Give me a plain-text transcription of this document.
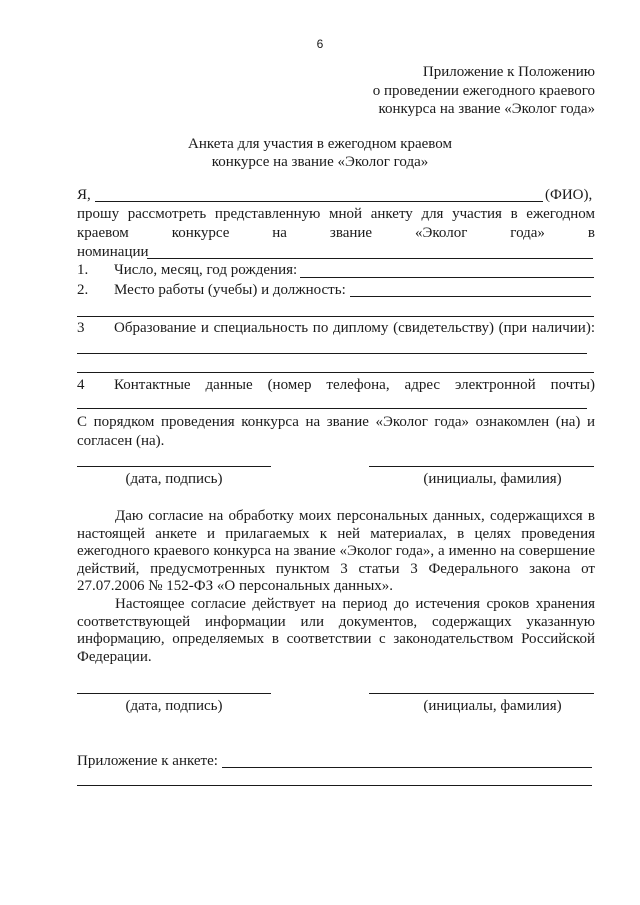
6
Приложение к Положению
о проведении ежегодного краевого
конкурса на звание «Эколог года»
Анкета для участия в ежегодном краевом
конкурсе на звание «Эколог года»
Я,	(ФИО),
прошу рассмотреть представленную мной анкету для участия в ежегодном
краевом	конкурсе	на	звание	«Эколог	года»	в
номинации
1. Число, месяц, год рождения:
2. Место работы (учебы) и должность:
3 Образование и специальность по диплому (свидетельству) (при наличии):
4 Контактные данные (номер телефона, адрес электронной почты)
С порядком проведения конкурса на звание «Эколог года» ознакомлен (на) и
согласен (на).
(дата, подпись)	(инициалы, фамилия)

Даю согласие на обработку моих персональных данных, содержащихся в настоящей анкете и прилагаемых к ней материалах, в целях проведения ежегодного краевого конкурса на звание «Эколог года», а именно на совершение действий, предусмотренных пунктом 3 статьи 3 Федерального закона от 27.07.2006 № 152-ФЗ «О персональных данных».

Настоящее согласие действует на период до истечения сроков хранения соответствующей информации или документов, содержащих указанную информацию, определяемых в соответствии с законодательством Российской Федерации.

(дата, подпись)	(инициалы, фамилия)
Приложение к анкете:
